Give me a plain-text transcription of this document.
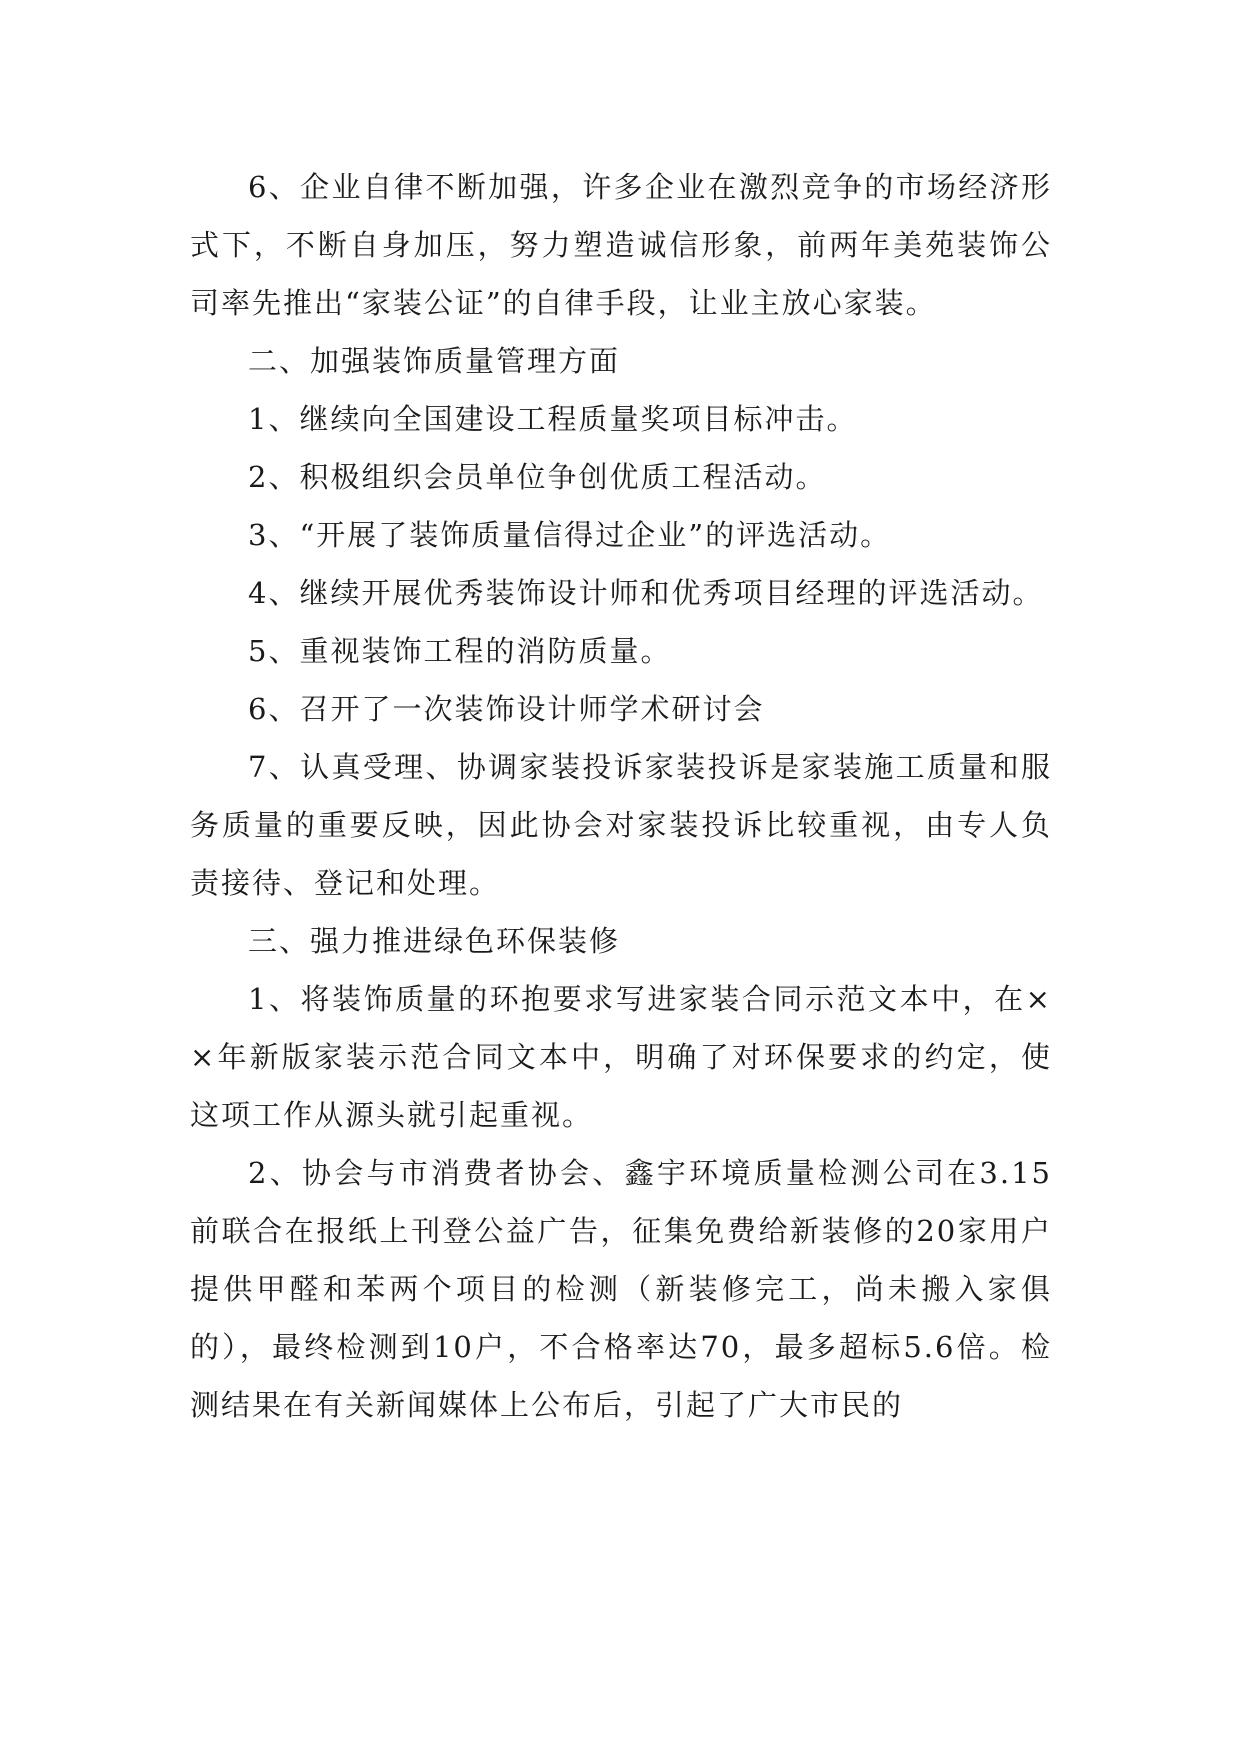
6、企业自律不断加强，许多企业在激烈竞争的市场经济形式下，不断自身加压，努力塑造诚信形象，前两年美苑装饰公司率先推出“家装公证”的自律手段，让业主放心家装。

二、加强装饰质量管理方面

1、继续向全国建设工程质量奖项目标冲击。

2、积极组织会员单位争创优质工程活动。

3、“开展了装饰质量信得过企业”的评选活动。

4、继续开展优秀装饰设计师和优秀项目经理的评选活动。

5、重视装饰工程的消防质量。

6、召开了一次装饰设计师学术研讨会

7、认真受理、协调家装投诉家装投诉是家装施工质量和服务质量的重要反映，因此协会对家装投诉比较重视，由专人负责接待、登记和处理。

三、强力推进绿色环保装修

1、将装饰质量的环抱要求写进家装合同示范文本中，在××年新版家装示范合同文本中，明确了对环保要求的约定，使这项工作从源头就引起重视。

2、协会与市消费者协会、鑫宇环境质量检测公司在3.15前联合在报纸上刊登公益广告，征集免费给新装修的20家用户提供甲醛和苯两个项目的检测（新装修完工，尚未搬入家俱的），最终检测到10户，不合格率达70，最多超标5.6倍。检测结果在有关新闻媒体上公布后，引起了广大市民的
